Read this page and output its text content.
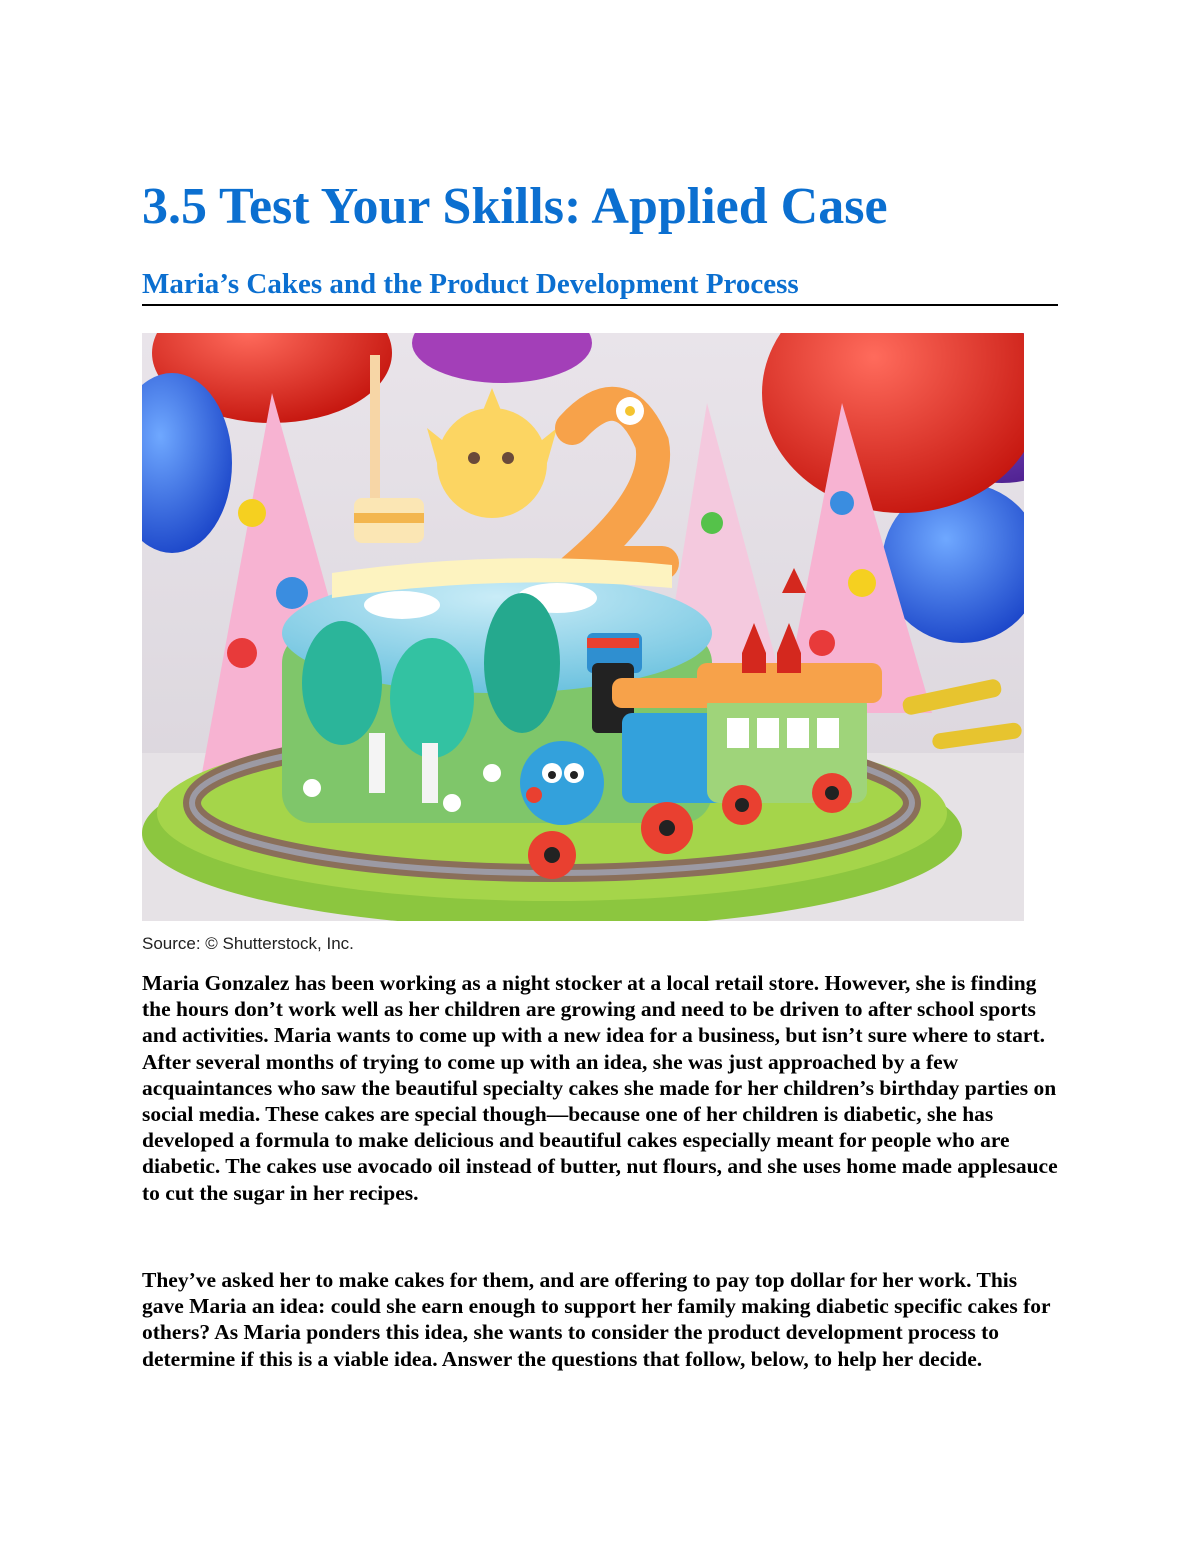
3.5 Test Your Skills: Applied Case
Maria’s Cakes and the Product Development Process

Source: © Shutterstock, Inc.

Maria Gonzalez has been working as a night stocker at a local retail store. However, she is finding the hours don’t work well as her children are growing and need to be driven to after school sports and activities. Maria wants to come up with a new idea for a business, but isn’t sure where to start. After several months of trying to come up with an idea, she was just approached by a few acquaintances who saw the beautiful specialty cakes she made for her children’s birthday parties on social media. These cakes are special though—because one of her children is diabetic, she has developed a formula to make delicious and beautiful cakes especially meant for people who are diabetic. The cakes use avocado oil instead of butter, nut flours, and she uses home made applesauce to cut the sugar in her recipes.

They’ve asked her to make cakes for them, and are offering to pay top dollar for her work. This gave Maria an idea: could she earn enough to support her family making diabetic specific cakes for others? As Maria ponders this idea, she wants to consider the product development process to determine if this is a viable idea. Answer the questions that follow, below, to help her decide.
